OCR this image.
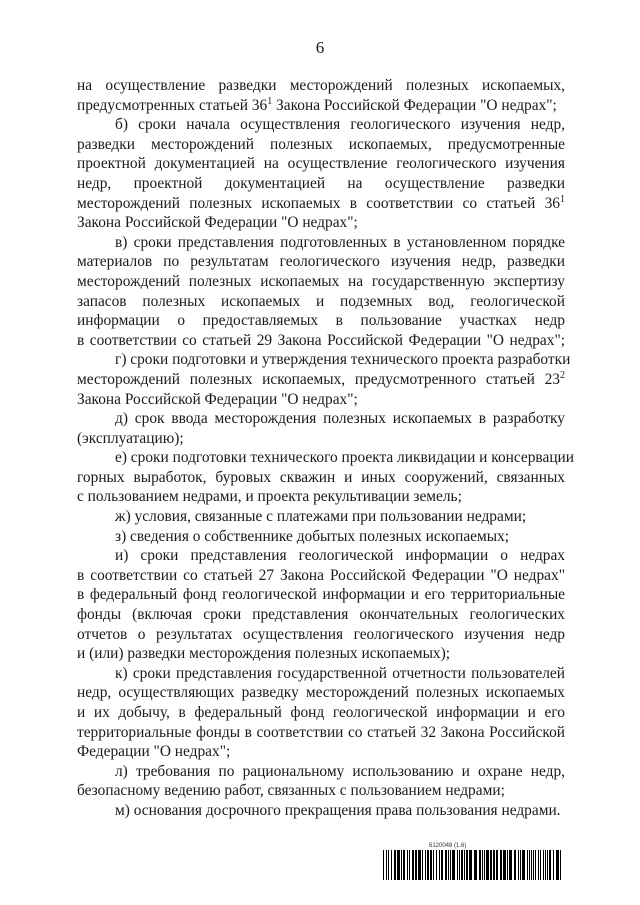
6
на осуществление разведки месторождений полезных ископаемых,
предусмотренных статьей $36^1$ Закона Российской Федерации "О недрах";
б) сроки начала осуществления геологического изучения недр,
разведки месторождений полезных ископаемых, предусмотренные
проектной документацией на осуществление геологического изучения
недр, проектной документацией на осуществление разведки
месторождений полезных ископаемых в соответствии со статьей $36^1$
Закона Российской Федерации "О недрах";
в) сроки представления подготовленных в установленном порядке
материалов по результатам геологического изучения недр, разведки
месторождений полезных ископаемых на государственную экспертизу
запасов полезных ископаемых и подземных вод, геологической
информации о предоставляемых в пользование участках недр
в соответствии со статьей 29 Закона Российской Федерации "О недрах";
г) сроки подготовки и утверждения технического проекта разработки
месторождений полезных ископаемых, предусмотренного статьей $23^2$
Закона Российской Федерации "О недрах";
д) срок ввода месторождения полезных ископаемых в разработку
(эксплуатацию);
е) сроки подготовки технического проекта ликвидации и консервации
горных выработок, буровых скважин и иных сооружений, связанных
с пользованием недрами, и проекта рекультивации земель;
ж) условия, связанные с платежами при пользовании недрами;
з) сведения о собственнике добытых полезных ископаемых;
и) сроки представления геологической информации о недрах
в соответствии со статьей 27 Закона Российской Федерации "О недрах"
в федеральный фонд геологической информации и его территориальные
фонды (включая сроки представления окончательных геологических
отчетов о результатах осуществления геологического изучения недр
и (или) разведки месторождения полезных ископаемых);
к) сроки представления государственной отчетности пользователей
недр, осуществляющих разведку месторождений полезных ископаемых
и их добычу, в федеральный фонд геологической информации и его
территориальные фонды в соответствии со статьей 32 Закона Российской
Федерации "О недрах";
л) требования по рациональному использованию и охране недр,
безопасному ведению работ, связанных с пользованием недрами;
м) основания досрочного прекращения права пользования недрами.
6120048 (1.6)
